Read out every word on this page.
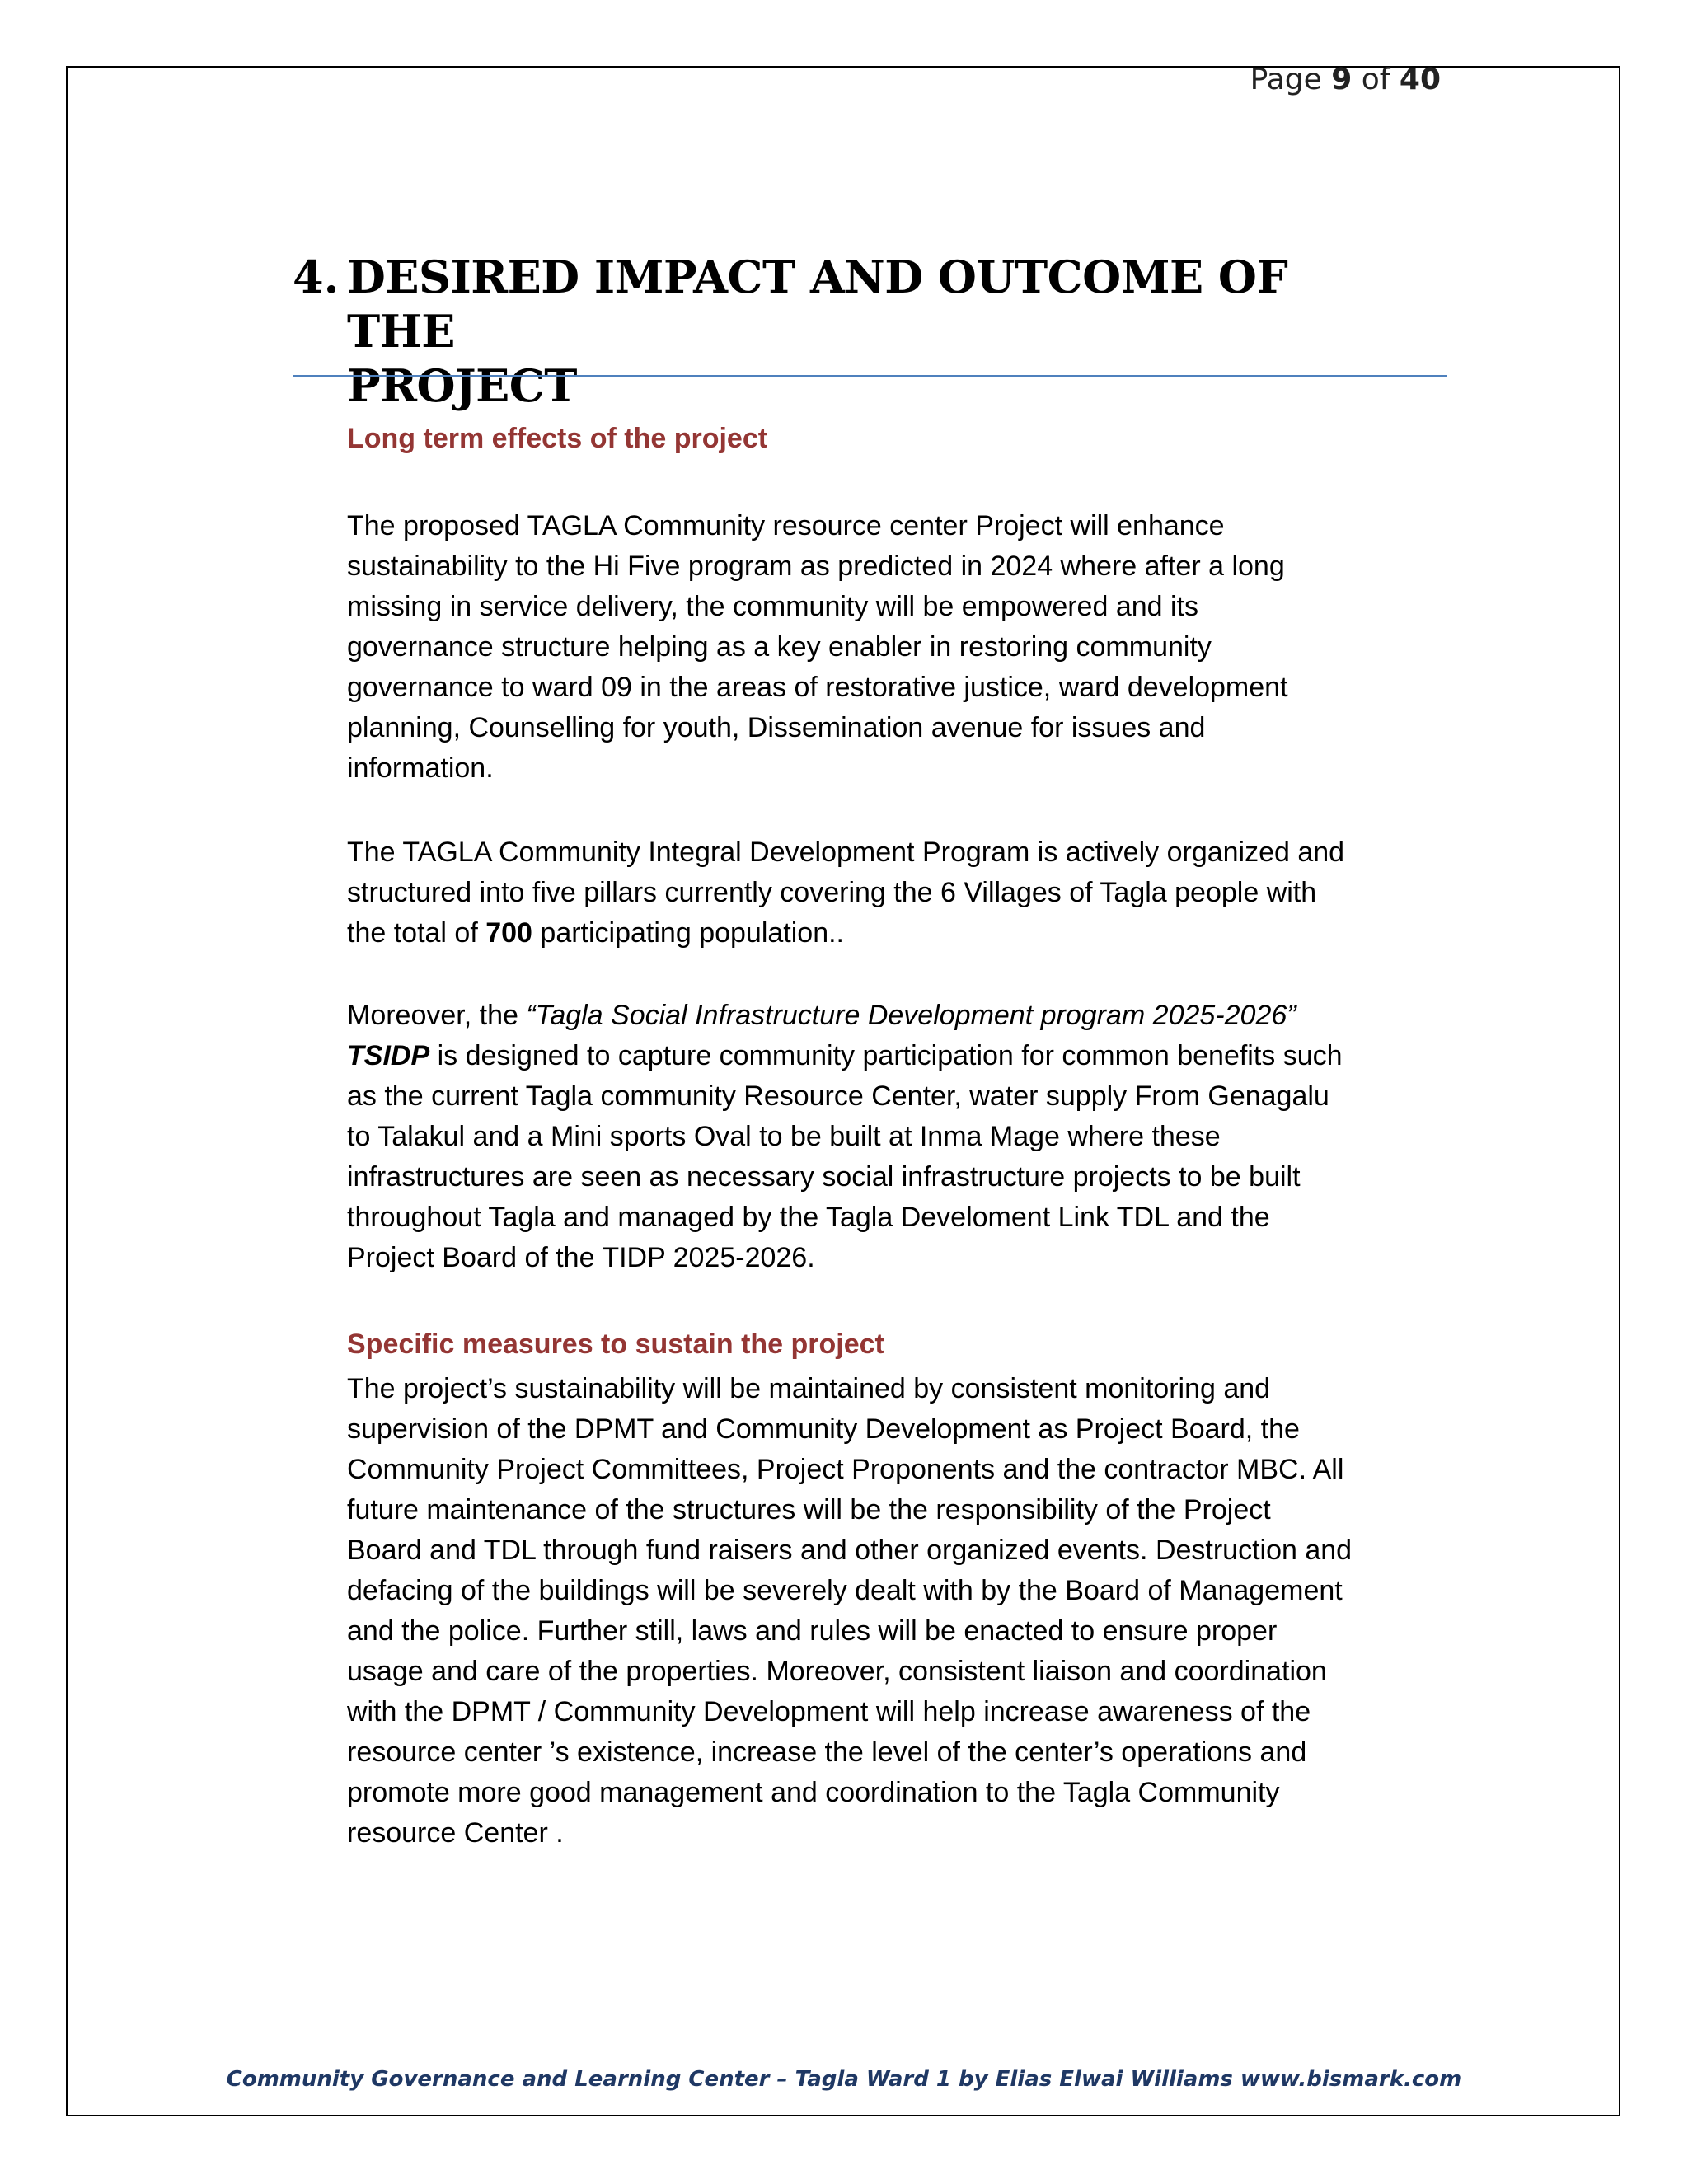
Page 9 of 40
4. DESIRED IMPACT AND OUTCOME OF THE
PROJECT
Long term effects of the project

The proposed TAGLA Community resource center Project will enhance
sustainability to the Hi Five program as predicted in 2024 where after a long
missing in service delivery, the community will be empowered and its
governance structure helping as a key enabler in restoring community
governance to ward 09 in the areas of restorative justice, ward development
planning, Counselling for youth, Dissemination avenue for issues and
information.

The TAGLA Community Integral Development Program is actively organized and
structured into five pillars currently covering the 6 Villages of Tagla people with
the total of 700 participating population..

Moreover, the “Tagla Social Infrastructure Development program 2025-2026”
TSIDP is designed to capture community participation for common benefits such
as the current Tagla community Resource Center, water supply From Genagalu
to Talakul and a Mini sports Oval to be built at Inma Mage where these
infrastructures are seen as necessary social infrastructure projects to be built
throughout Tagla and managed by the Tagla Develoment Link TDL and the
Project Board of the TIDP 2025-2026.

Specific measures to sustain the project

The project’s sustainability will be maintained by consistent monitoring and
supervision of the DPMT and Community Development as Project Board, the
Community Project Committees, Project Proponents and the contractor MBC. All
future maintenance of the structures will be the responsibility of the Project
Board and TDL through fund raisers and other organized events. Destruction and
defacing of the buildings will be severely dealt with by the Board of Management
and the police. Further still, laws and rules will be enacted to ensure proper
usage and care of the properties. Moreover, consistent liaison and coordination
with the DPMT / Community Development will help increase awareness of the
resource center ’s existence, increase the level of the center’s operations and
promote more good management and coordination to the Tagla Community
resource Center .

Community Governance and Learning Center – Tagla Ward 1 by Elias Elwai Williams www.bismark.com
